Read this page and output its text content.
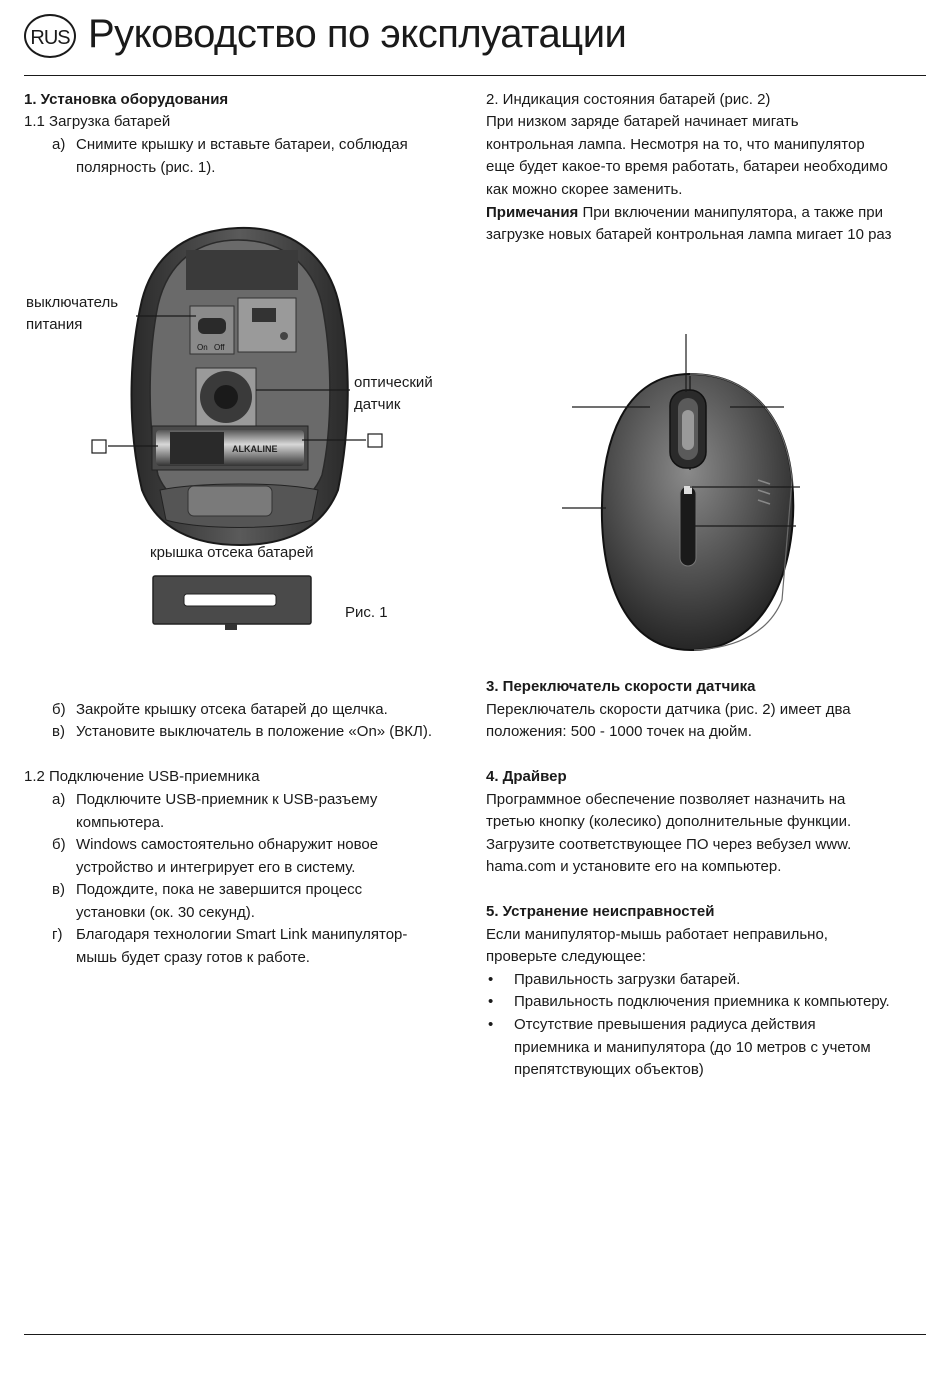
RUS Руководство по эксплуатации

1. Установка оборудования

1.1 Загрузка батарей

а) Снимите крышку и вставьте батареи, соблюдая
полярность (рис. 1).
On Off
ALKALINE
выключатель
питания
оптический
датчик
крышка отсека батарей
Рис. 1
б) Закройте крышку отсека батарей до щелчка.
в) Установите выключатель в положение «On» (ВКЛ).

1.2 Подключение USB-приемника

а) Подключите USB-приемник к USB-разъему
компьютера.
б) Windows самостоятельно обнаружит новое
устройство и интегрирует его в систему.
в) Подождите, пока не завершится процесс
установки (ок. 30 секунд).
г) Благодаря технологии Smart Link манипулятор-
мышь будет сразу готов к работе.

2. Индикация состояния батарей (рис. 2)

При низком заряде батарей начинает мигать

контрольная лампа. Несмотря на то, что манипулятор

еще будет какое-то время работать, батареи необходимо

как можно скорее заменить.

Примечания При включении манипулятора, а также при

загрузке новых батарей контрольная лампа мигает 10 раз

3. Переключатель скорости датчика

Переключатель скорости датчика (рис. 2) имеет два

положения: 500 - 1000 точек на дюйм.

4. Драйвер

Программное обеспечение позволяет назначить на

третью кнопку (колесико) дополнительные функции.

Загрузите соответствующее ПО через вебузел www.

hama.com и установите его на компьютер.

5. Устранение неисправностей

Если манипулятор-мышь работает неправильно,

проверьте следующее:

• Правильность загрузки батарей.
• Правильность подключения приемника к компьютеру.
• Отсутствие превышения радиуса действия
приемника и манипулятора (до 10 метров с учетом
препятствующих объектов)
